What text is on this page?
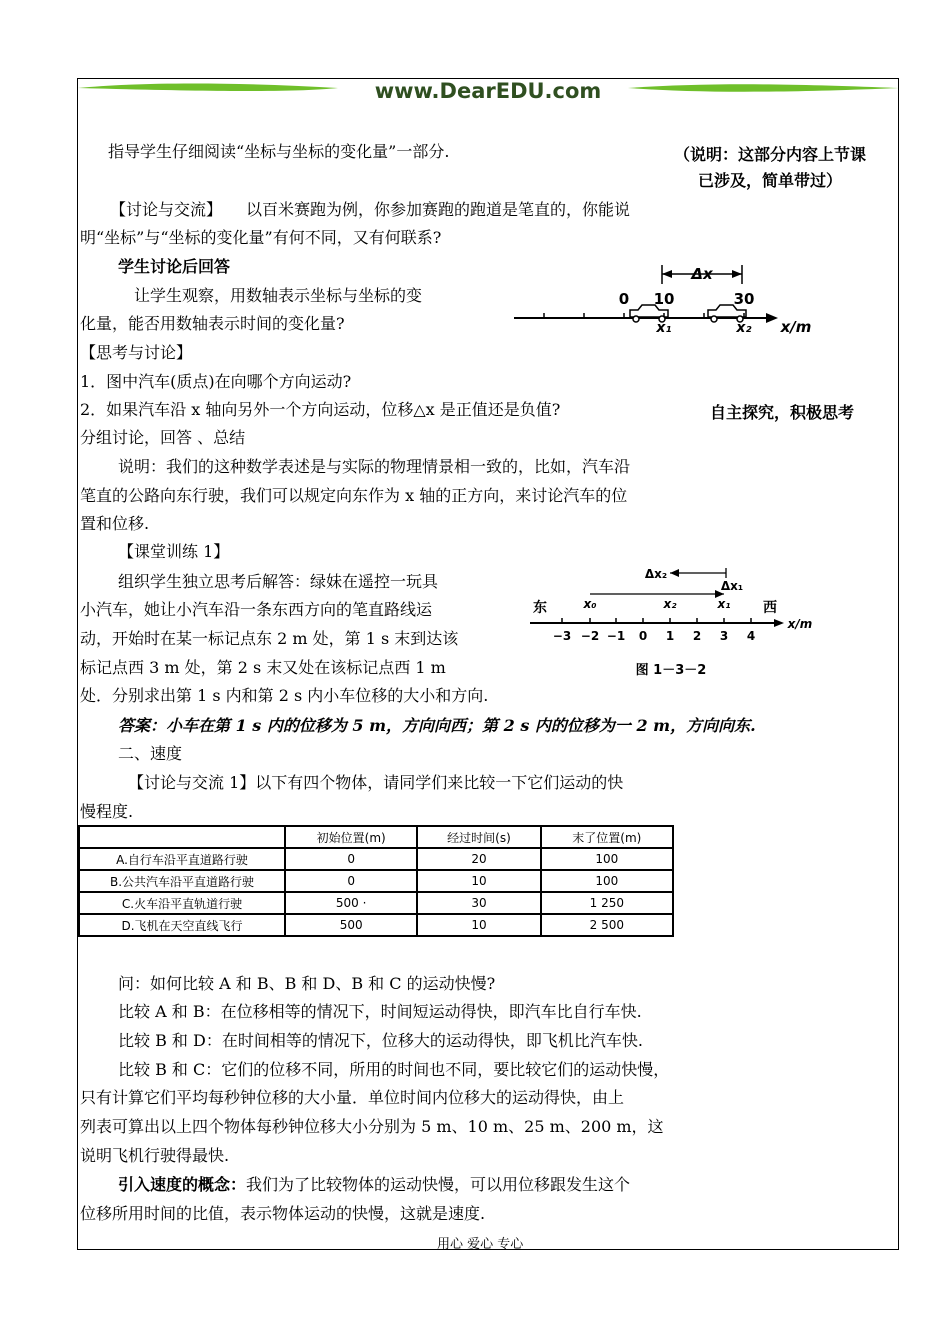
www.DearEDU.com
指导学生仔细阅读“坐标与坐标的变化量”一部分.	（说明：这部分内容上节课
已涉及，简单带过）
【讨论与交流】　　以百米赛跑为例，你参加赛跑的跑道是笔直的，你能说
明“坐标”与“坐标的变化量”有何不同，又有何联系?
学生讨论后回答
让学生观察，用数轴表示坐标与坐标的变
化量，能否用数轴表示时间的变化量?
Δx
0 10	30
x₁	x₂ x/m
【思考与讨论】
1．图中汽车(质点)在向哪个方向运动?
2．如果汽车沿 x 轴向另外一个方向运动，位移△x 是正值还是负值?	自主探究，积极思考
分组讨论，回答 、总结
说明：我们的这种数学表述是与实际的物理情景相一致的，比如，汽车沿
笔直的公路向东行驶，我们可以规定向东作为 x 轴的正方向，来讨论汽车的位
置和位移.
【课堂训练 1】
组织学生独立思考后解答：绿妹在遥控一玩具
小汽车，她让小汽车沿一条东西方向的笔直路线运
动，开始时在某一标记点东 2 m 处，第 1 s 末到达该
标记点西 3 m 处，第 2 s 末又处在该标记点西 1 m
处．分别求出第 1 s 内和第 2 s 内小车位移的大小和方向.
Δx₂
Δx₁
东	西
x₀	x₂	x₁
−3 −2 −1 0 1 2 3 4
x/m
图 1－3－2
答案：小车在第 1 s 内的位移为 5 m，方向向西；第 2 s 内的位移为一 2 m，方向向东.
二、速度
【讨论与交流 1】以下有四个物体，请同学们来比较一下它们运动的快
慢程度.
	初始位置(m)	经过时间(s)	末了位置(m)
A.自行车沿平直道路行驶	0	20	100
B.公共汽车沿平直道路行驶	0	10	100
C.火车沿平直轨道行驶	500 ·	30	1 250
D.飞机在天空直线飞行	500	10	2 500
问：如何比较 A 和 B、B 和 D、B 和 C 的运动快慢?
比较 A 和 B：在位移相等的情况下，时间短运动得快，即汽车比自行车快.
比较 B 和 D：在时间相等的情况下，位移大的运动得快，即飞机比汽车快.
比较 B 和 C：它们的位移不同，所用的时间也不同，要比较它们的运动快慢，
只有计算它们平均每秒钟位移的大小量．单位时间内位移大的运动得快，由上
列表可算出以上四个物体每秒钟位移大小分别为 5 m、10 m、25 m、200 m，这
说明飞机行驶得最快.
引入速度的概念：我们为了比较物体的运动快慢，可以用位移跟发生这个
位移所用时间的比值，表示物体运动的快慢，这就是速度.
用心 爱心 专心
